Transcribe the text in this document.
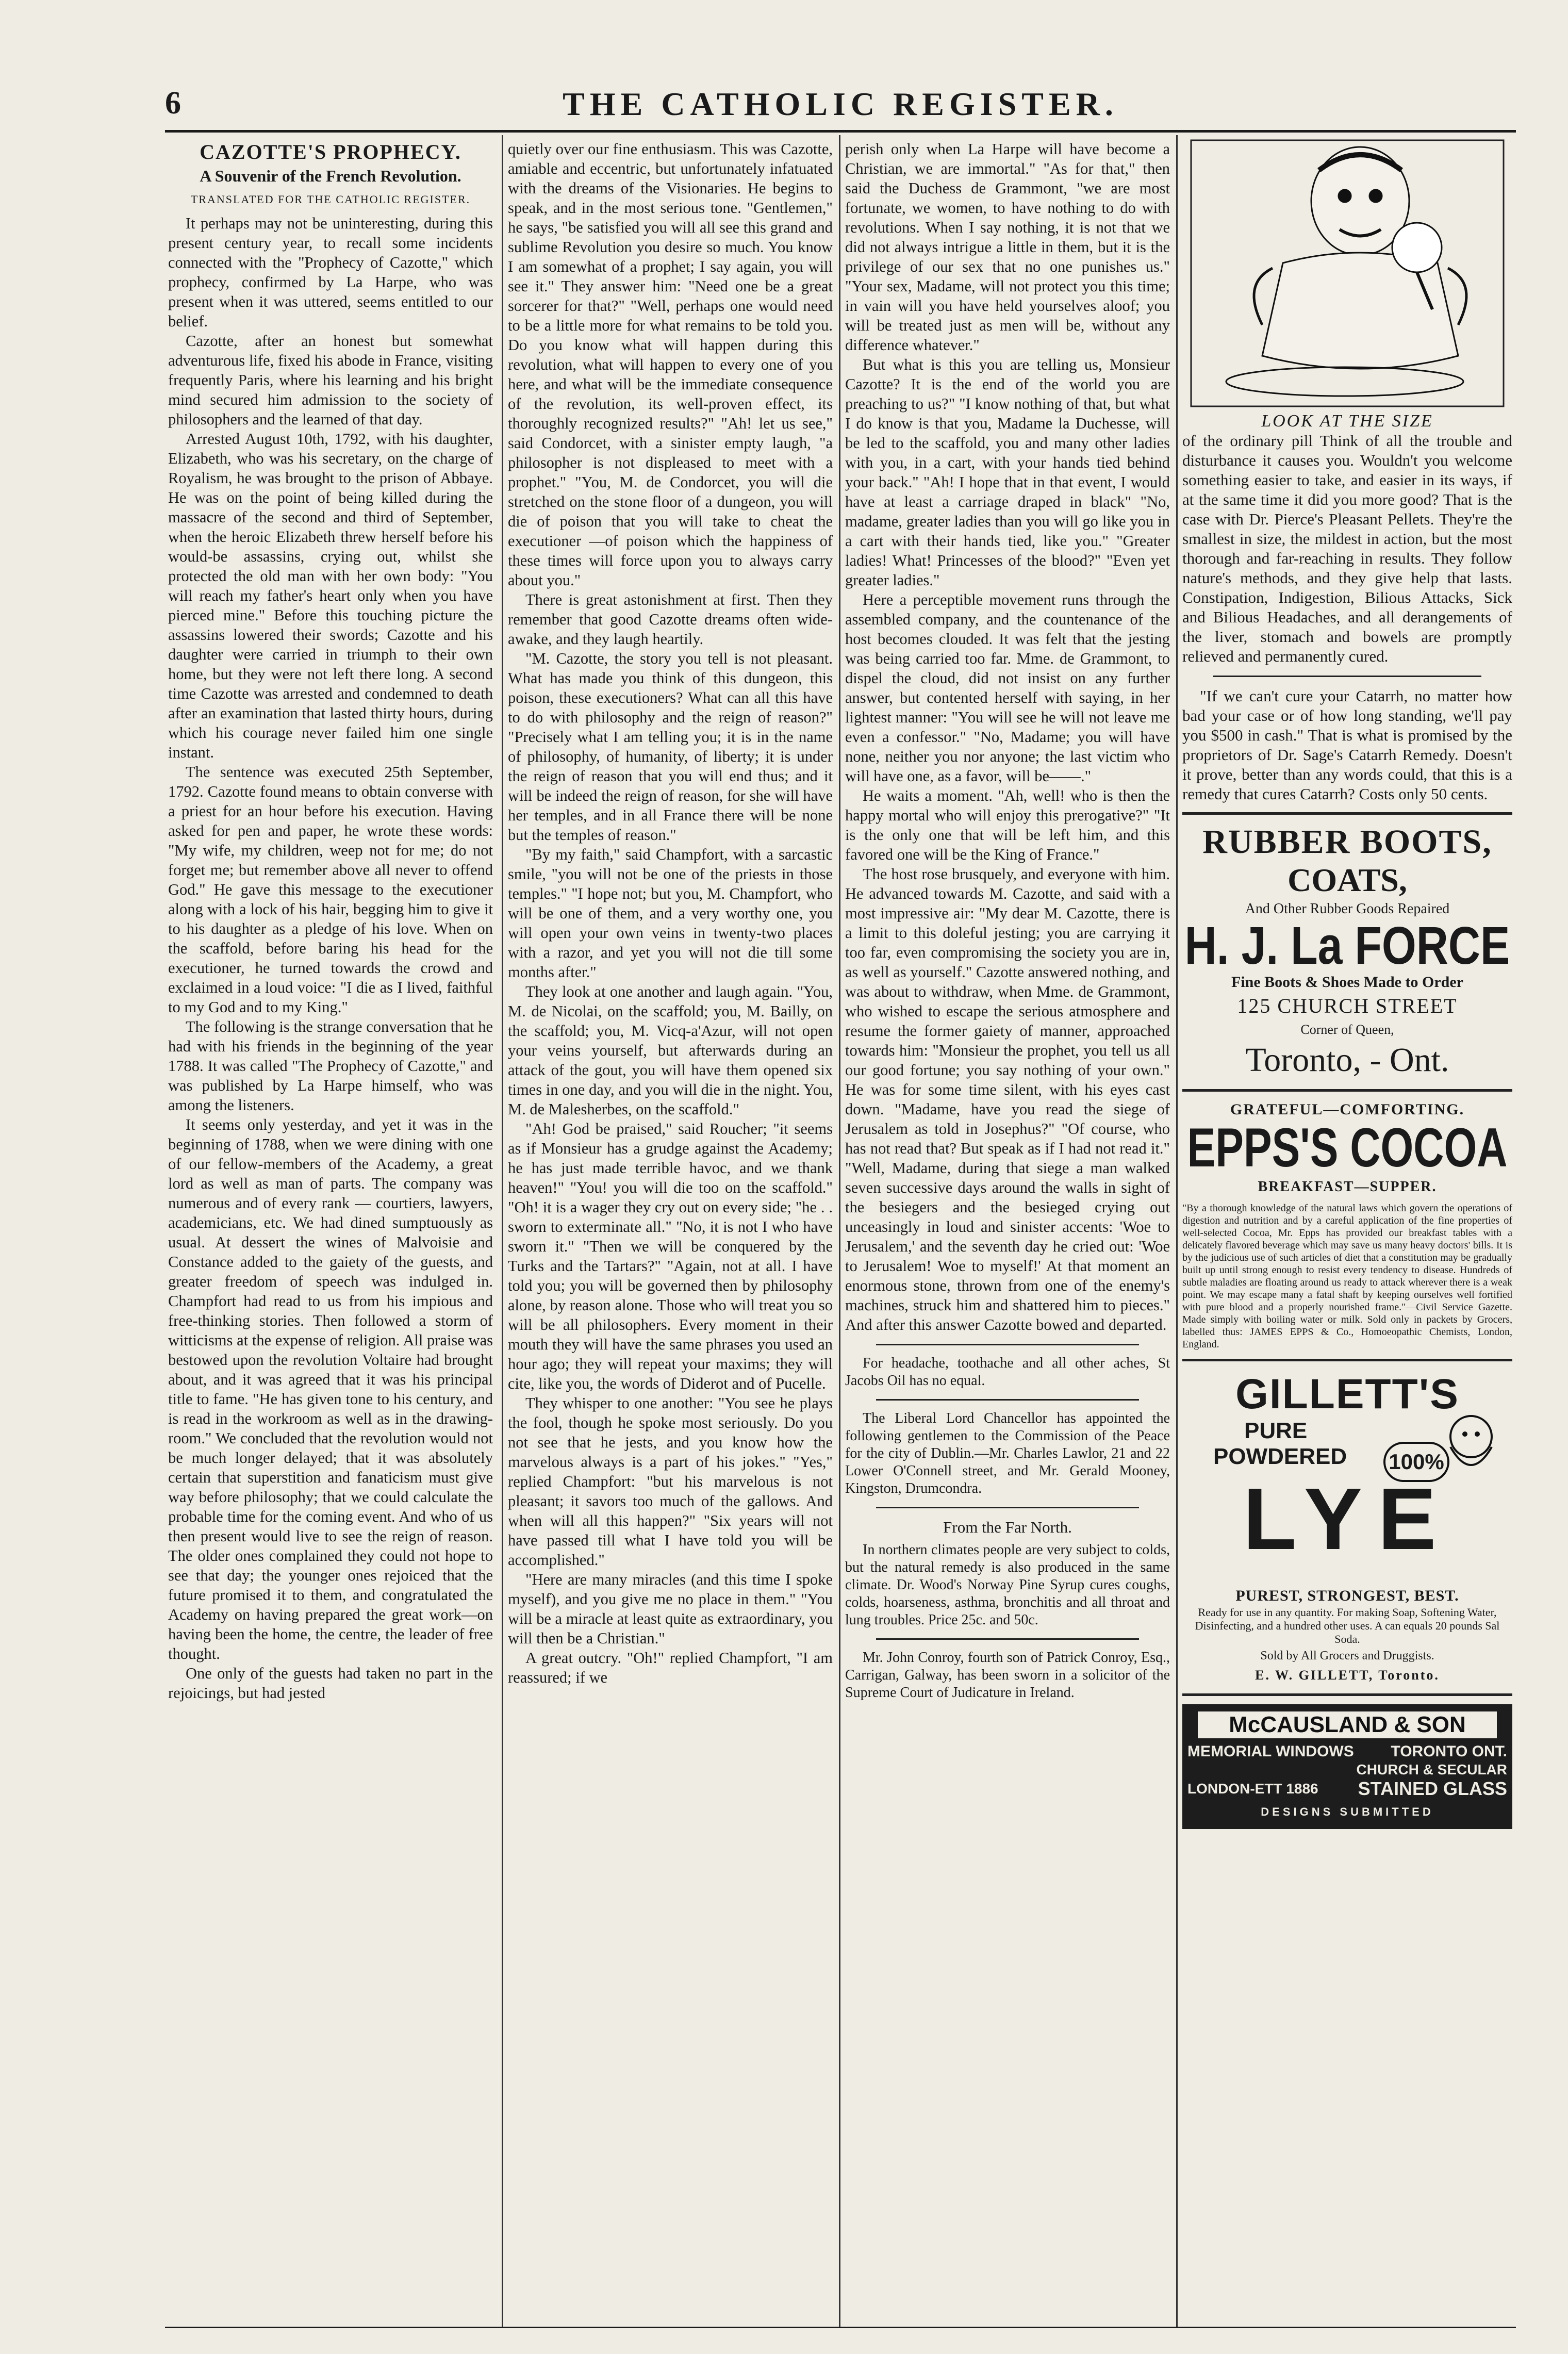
6	THE CATHOLIC REGISTER.
CAZOTTE'S PROPHECY.
A Souvenir of the French Revolution.
TRANSLATED FOR THE CATHOLIC REGISTER.

It perhaps may not be uninteresting, during this present century year, to recall some incidents connected with the "Prophecy of Cazotte," which prophecy, confirmed by La Harpe, who was present when it was uttered, seems entitled to our belief.

Cazotte, after an honest but somewhat adventurous life, fixed his abode in France, visiting frequently Paris, where his learning and his bright mind secured him admission to the society of philosophers and the learned of that day.

Arrested August 10th, 1792, with his daughter, Elizabeth, who was his secretary, on the charge of Royalism, he was brought to the prison of Abbaye. He was on the point of being killed during the massacre of the second and third of September, when the heroic Elizabeth threw herself before his would-be assassins, crying out, whilst she protected the old man with her own body: "You will reach my father's heart only when you have pierced mine." Before this touching picture the assassins lowered their swords; Cazotte and his daughter were carried in triumph to their own home, but they were not left there long. A second time Cazotte was arrested and condemned to death after an examination that lasted thirty hours, during which his courage never failed him one single instant.

The sentence was executed 25th September, 1792. Cazotte found means to obtain converse with a priest for an hour before his execution. Having asked for pen and paper, he wrote these words: "My wife, my children, weep not for me; do not forget me; but remember above all never to offend God." He gave this message to the executioner along with a lock of his hair, begging him to give it to his daughter as a pledge of his love. When on the scaffold, before baring his head for the executioner, he turned towards the crowd and exclaimed in a loud voice: "I die as I lived, faithful to my God and to my King."

The following is the strange conversation that he had with his friends in the beginning of the year 1788. It was called "The Prophecy of Cazotte," and was published by La Harpe himself, who was among the listeners.

It seems only yesterday, and yet it was in the beginning of 1788, when we were dining with one of our fellow-members of the Academy, a great lord as well as man of parts. The company was numerous and of every rank — courtiers, lawyers, academicians, etc. We had dined sumptuously as usual. At dessert the wines of Malvoisie and Constance added to the gaiety of the guests, and greater freedom of speech was indulged in. Champfort had read to us from his impious and free-thinking stories. Then followed a storm of witticisms at the expense of religion. All praise was bestowed upon the revolution Voltaire had brought about, and it was agreed that it was his principal title to fame. "He has given tone to his century, and is read in the workroom as well as in the drawing-room." We concluded that the revolution would not be much longer delayed; that it was absolutely certain that superstition and fanaticism must give way before philosophy; that we could calculate the probable time for the coming event. And who of us then present would live to see the reign of reason. The older ones complained they could not hope to see that day; the younger ones rejoiced that the future promised it to them, and congratulated the Academy on having prepared the great work—on having been the home, the centre, the leader of free thought.

One only of the guests had taken no part in the rejoicings, but had jested

quietly over our fine enthusiasm. This was Cazotte, amiable and eccentric, but unfortunately infatuated with the dreams of the Visionaries. He begins to speak, and in the most serious tone. "Gentlemen," he says, "be satisfied you will all see this grand and sublime Revolution you desire so much. You know I am somewhat of a prophet; I say again, you will see it." They answer him: "Need one be a great sorcerer for that?" "Well, perhaps one would need to be a little more for what remains to be told you. Do you know what will happen during this revolution, what will happen to every one of you here, and what will be the immediate consequence of the revolution, its well-proven effect, its thoroughly recognized results?" "Ah! let us see," said Condorcet, with a sinister empty laugh, "a philosopher is not displeased to meet with a prophet." "You, M. de Condorcet, you will die stretched on the stone floor of a dungeon, you will die of poison that you will take to cheat the executioner —of poison which the happiness of these times will force upon you to always carry about you."

There is great astonishment at first. Then they remember that good Cazotte dreams often wide-awake, and they laugh heartily.

"M. Cazotte, the story you tell is not pleasant. What has made you think of this dungeon, this poison, these executioners? What can all this have to do with philosophy and the reign of reason?" "Precisely what I am telling you; it is in the name of philosophy, of humanity, of liberty; it is under the reign of reason that you will end thus; and it will be indeed the reign of reason, for she will have her temples, and in all France there will be none but the temples of reason."

"By my faith," said Champfort, with a sarcastic smile, "you will not be one of the priests in those temples." "I hope not; but you, M. Champfort, who will be one of them, and a very worthy one, you will open your own veins in twenty-two places with a razor, and yet you will not die till some months after."

They look at one another and laugh again. "You, M. de Nicolai, on the scaffold; you, M. Bailly, on the scaffold; you, M. Vicq-a'Azur, will not open your veins yourself, but afterwards during an attack of the gout, you will have them opened six times in one day, and you will die in the night. You, M. de Malesherbes, on the scaffold."

"Ah! God be praised," said Roucher; "it seems as if Monsieur has a grudge against the Academy; he has just made terrible havoc, and we thank heaven!" "You! you will die too on the scaffold." "Oh! it is a wager they cry out on every side; "he . . sworn to exterminate all." "No, it is not I who have sworn it." "Then we will be conquered by the Turks and the Tartars?" "Again, not at all. I have told you; you will be governed then by philosophy alone, by reason alone. Those who will treat you so will be all philosophers. Every moment in their mouth they will have the same phrases you used an hour ago; they will repeat your maxims; they will cite, like you, the words of Diderot and of Pucelle.

They whisper to one another: "You see he plays the fool, though he spoke most seriously. Do you not see that he jests, and you know how the marvelous always is a part of his jokes." "Yes," replied Champfort: "but his marvelous is not pleasant; it savors too much of the gallows. And when will all this happen?" "Six years will not have passed till what I have told you will be accomplished."

"Here are many miracles (and this time I spoke myself), and you give me no place in them." "You will be a miracle at least quite as extraordinary, you will then be a Christian."

A great outcry. "Oh!" replied Champfort, "I am reassured; if we

perish only when La Harpe will have become a Christian, we are immortal." "As for that," then said the Duchess de Grammont, "we are most fortunate, we women, to have nothing to do with revolutions. When I say nothing, it is not that we did not always intrigue a little in them, but it is the privilege of our sex that no one punishes us." "Your sex, Madame, will not protect you this time; in vain will you have held yourselves aloof; you will be treated just as men will be, without any difference whatever."

But what is this you are telling us, Monsieur Cazotte? It is the end of the world you are preaching to us?" "I know nothing of that, but what I do know is that you, Madame la Duchesse, will be led to the scaffold, you and many other ladies with you, in a cart, with your hands tied behind your back." "Ah! I hope that in that event, I would have at least a carriage draped in black" "No, madame, greater ladies than you will go like you in a cart with their hands tied, like you." "Greater ladies! What! Princesses of the blood?" "Even yet greater ladies."

Here a perceptible movement runs through the assembled company, and the countenance of the host becomes clouded. It was felt that the jesting was being carried too far. Mme. de Grammont, to dispel the cloud, did not insist on any further answer, but contented herself with saying, in her lightest manner: "You will see he will not leave me even a confessor." "No, Madame; you will have none, neither you nor anyone; the last victim who will have one, as a favor, will be——."

He waits a moment. "Ah, well! who is then the happy mortal who will enjoy this prerogative?" "It is the only one that will be left him, and this favored one will be the King of France."

The host rose brusquely, and everyone with him. He advanced towards M. Cazotte, and said with a most impressive air: "My dear M. Cazotte, there is a limit to this doleful jesting; you are carrying it too far, even compromising the society you are in, as well as yourself." Cazotte answered nothing, and was about to withdraw, when Mme. de Grammont, who wished to escape the serious atmosphere and resume the former gaiety of manner, approached towards him: "Monsieur the prophet, you tell us all our good fortune; you say nothing of your own." He was for some time silent, with his eyes cast down. "Madame, have you read the siege of Jerusalem as told in Josephus?" "Of course, who has not read that? But speak as if I had not read it." "Well, Madame, during that siege a man walked seven successive days around the walls in sight of the besiegers and the besieged crying out unceasingly in loud and sinister accents: 'Woe to Jerusalem,' and the seventh day he cried out: 'Woe to Jerusalem! Woe to myself!' At that moment an enormous stone, thrown from one of the enemy's machines, struck him and shattered him to pieces." And after this answer Cazotte bowed and departed.

For headache, toothache and all other aches, St Jacobs Oil has no equal.

The Liberal Lord Chancellor has appointed the following gentlemen to the Commission of the Peace for the city of Dublin.—Mr. Charles Lawlor, 21 and 22 Lower O'Connell street, and Mr. Gerald Mooney, Kingston, Drumcondra.

From the Far North.

In northern climates people are very subject to colds, but the natural remedy is also produced in the same climate. Dr. Wood's Norway Pine Syrup cures coughs, colds, hoarseness, asthma, bronchitis and all throat and lung troubles. Price 25c. and 50c.

Mr. John Conroy, fourth son of Patrick Conroy, Esq., Carrigan, Galway, has been sworn in a solicitor of the Supreme Court of Judicature in Ireland.

LOOK AT THE SIZE

of the ordinary pill Think of all the trouble and disturbance it causes you. Wouldn't you welcome something easier to take, and easier in its ways, if at the same time it did you more good? That is the case with Dr. Pierce's Pleasant Pellets. They're the smallest in size, the mildest in action, but the most thorough and far-reaching in results. They follow nature's methods, and they give help that lasts. Constipation, Indigestion, Bilious Attacks, Sick and Bilious Headaches, and all derangements of the liver, stomach and bowels are promptly relieved and permanently cured.

"If we can't cure your Catarrh, no matter how bad your case or of how long standing, we'll pay you $500 in cash." That is what is promised by the proprietors of Dr. Sage's Catarrh Remedy. Doesn't it prove, better than any words could, that this is a remedy that cures Catarrh? Costs only 50 cents.

RUBBER BOOTS,
COATS,
And Other Rubber Goods Repaired
H. J. La FORCE
Fine Boots & Shoes Made to Order
125 CHURCH STREET
Corner of Queen,
Toronto, - Ont.
GRATEFUL—COMFORTING.
EPPS'S COCOA
BREAKFAST—SUPPER.

"By a thorough knowledge of the natural laws which govern the operations of digestion and nutrition and by a careful application of the fine properties of well-selected Cocoa, Mr. Epps has provided our breakfast tables with a delicately flavored beverage which may save us many heavy doctors' bills. It is by the judicious use of such articles of diet that a constitution may be gradually built up until strong enough to resist every tendency to disease. Hundreds of subtle maladies are floating around us ready to attack wherever there is a weak point. We may escape many a fatal shaft by keeping ourselves well fortified with pure blood and a properly nourished frame."—Civil Service Gazette. Made simply with boiling water or milk. Sold only in packets by Grocers, labelled thus: JAMES EPPS & Co., Homoeopathic Chemists, London, England.

GILLETT'S
PURE
POWDERED 100%
LYE
PUREST, STRONGEST, BEST.

Ready for use in any quantity. For making Soap, Softening Water, Disinfecting, and a hundred other uses. A can equals 20 pounds Sal Soda.

Sold by All Grocers and Druggists.
E. W. GILLETT, Toronto.
McCAUSLAND & SON
MEMORIAL WINDOWS TORONTO ONT.
CHURCH & SECULAR
LONDON-ETT 1886 STAINED GLASS
DESIGNS SUBMITTED
